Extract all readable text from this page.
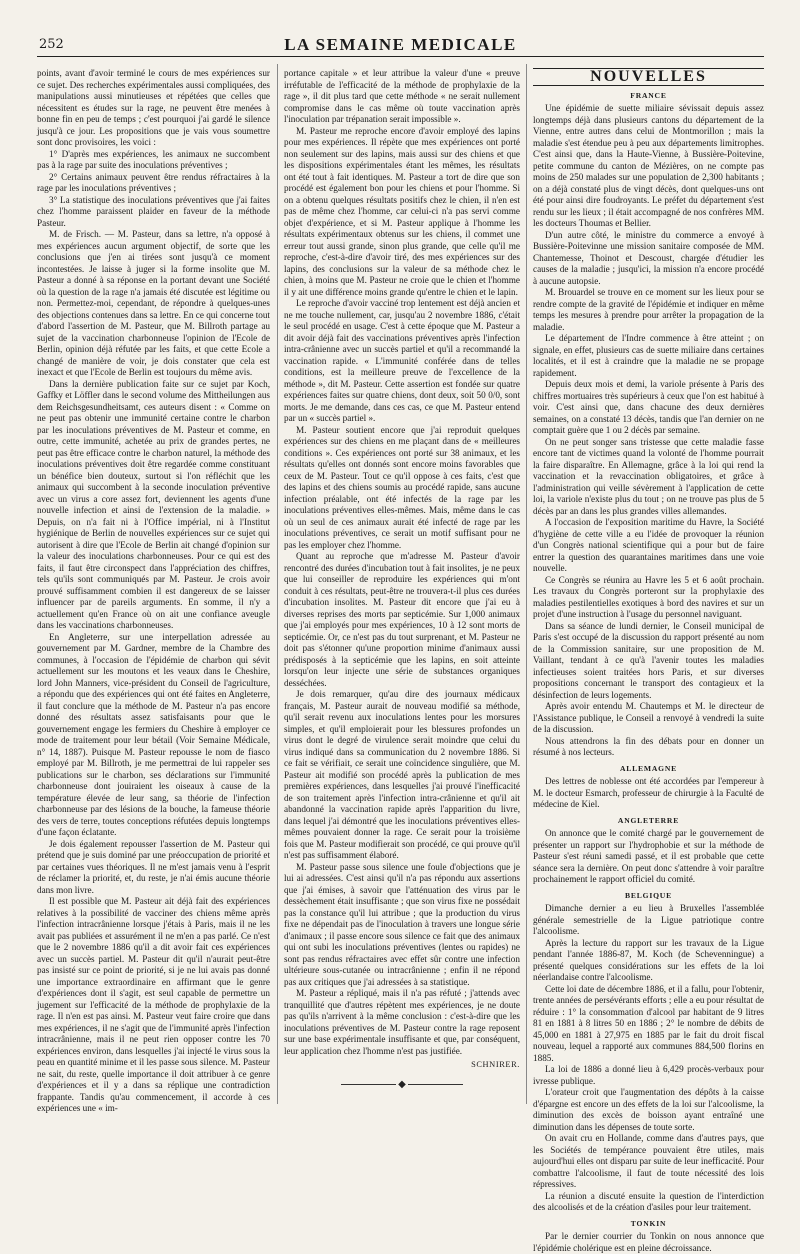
252	LA SEMAINE MEDICALE

points, avant d'avoir terminé le cours de mes expériences sur ce sujet. Des recherches expérimentales aussi compliquées, des manipulations aussi minutieuses et répétées que celles que nécessitent es études sur la rage, ne peuvent être menées à bonne fin en peu de temps ; c'est pourquoi j'ai gardé le silence jusqu'à ce jour. Les propositions que je vais vous soumettre sont donc provisoires, les voici :

1° D'après mes expériences, les animaux ne succombent pas à la rage par suite des inoculations préventives ;

2° Certains animaux peuvent être rendus réfractaires à la rage par les inoculations préventives ;

3° La statistique des inoculations préventives que j'ai faites chez l'homme paraissent plaider en faveur de la méthode Pasteur.

M. de Frisch. — M. Pasteur, dans sa lettre, n'a opposé à mes expériences aucun argument objectif, de sorte que les conclusions que j'en ai tirées sont jusqu'à ce moment incontestées. Je laisse à juger si la forme insolite que M. Pasteur a donné à sa réponse en la portant devant une Société où la question de la rage n'a jamais été discutée est légitime ou non. Permettez-moi, cependant, de répondre à quelques-unes des objections contenues dans sa lettre. En ce qui concerne tout d'abord l'assertion de M. Pasteur, que M. Billroth partage au sujet de la vaccination charbonneuse l'opinion de l'Ecole de Berlin, opinion déjà réfutée par les faits, et que cette Ecole a changé de manière de voir, je dois constater que cela est inexact et que l'Ecole de Berlin est toujours du même avis.

Dans la dernière publication faite sur ce sujet par Koch, Gaffky et Löffler dans le second volume des Mittheilungen aus dem Reichsgesundheitsamt, ces auteurs disent : « Comme on ne peut pas obtenir une immunité certaine contre le charbon par les inoculations préventives de M. Pasteur et comme, en outre, cette immunité, achetée au prix de grandes pertes, ne peut pas être efficace contre le charbon naturel, la méthode des inoculations préventives doit être regardée comme constituant un bénéfice bien douteux, surtout si l'on réfléchit que les animaux qui succombent à la seconde inoculation préventive avec un virus a core assez fort, deviennent les agents d'une nouvelle infection et ainsi de l'extension de la maladie. » Depuis, on n'a fait ni à l'Office impérial, ni à l'Institut hygiénique de Berlin de nouvelles expériences sur ce sujet qui autorisent à dire que l'Ecole de Berlin ait changé d'opinion sur la valeur des inoculations charbonneuses. Pour ce qui est des faits, il faut être circonspect dans l'appréciation des chiffres, tels qu'ils sont communiqués par M. Pasteur. Je crois avoir prouvé suffisamment combien il est dangereux de se laisser influencer par de pareils arguments. En somme, il n'y a actuellement qu'en France où on ait une confiance aveugle dans les vaccinations charbonneuses.

En Angleterre, sur une interpellation adressée au gouvernement par M. Gardner, membre de la Chambre des communes, à l'occasion de l'épidémie de charbon qui sévit actuellement sur les moutons et les veaux dans le Cheshire, lord John Manners, vice-président du Conseil de l'agriculture, a répondu que des expériences qui ont été faites en Angleterre, il faut conclure que la méthode de M. Pasteur n'a pas encore donné des résultats assez satisfaisants pour que le gouvernement engage les fermiers du Cheshire à employer ce mode de traitement pour leur bétail (Voir Semaine Médicale, n° 14, 1887). Puisque M. Pasteur repousse le nom de fiasco employé par M. Billroth, je me permettrai de lui rappeler ses publications sur le charbon, ses déclarations sur l'immunité charbonneuse dont jouiraient les oiseaux à cause de la température élevée de leur sang, sa théorie de l'infection charbonneuse par des lésions de la bouche, la fameuse théorie des vers de terre, toutes conceptions réfutées depuis longtemps d'une façon éclatante.

Je dois également repousser l'assertion de M. Pasteur qui prétend que je suis dominé par une préoccupation de priorité et par certaines vues théoriques. Il ne m'est jamais venu à l'esprit de réclamer la priorité, et, du reste, je n'ai émis aucune théorie dans mon livre.

Il est possible que M. Pasteur ait déjà fait des expériences relatives à la possibilité de vacciner des chiens même après l'infection intracrânienne lorsque j'étais à Paris, mais il ne les avait pas publiées et assurément il ne m'en a pas parlé. Ce n'est que le 2 novembre 1886 qu'il a dit avoir fait ces expériences avec un succès partiel. M. Pasteur dit qu'il n'aurait peut-être pas insisté sur ce point de priorité, si je ne lui avais pas donné une importance extraordinaire en affirmant que le genre d'expériences dont il s'agit, est seul capable de permettre un jugement sur l'efficacité de la méthode de prophylaxie de la rage. Il n'en est pas ainsi. M. Pasteur veut faire croire que dans mes expériences, il ne s'agit que de l'immunité après l'infection intracrânienne, mais il ne peut rien opposer contre les 70 expériences environ, dans lesquelles j'ai injecté le virus sous la peau en quantité minime et il les passe sous silence. M. Pasteur ne sait, du reste, quelle importance il doit attribuer à ce genre d'expériences et il y a dans sa réplique une contradiction frappante. Tandis qu'au commencement, il accorde à ces expériences une « im-

portance capitale » et leur attribue la valeur d'une « preuve irréfutable de l'efficacité de la méthode de prophylaxie de la rage », il dit plus tard que cette méthode « ne serait nullement compromise dans le cas même où toute vaccination après l'inoculation par trépanation serait impossible ».

M. Pasteur me reproche encore d'avoir employé des lapins pour mes expériences. Il répète que mes expériences ont porté non seulement sur des lapins, mais aussi sur des chiens et que les dispositions expérimentales étant les mêmes, les résultats ont été tout à fait identiques. M. Pasteur a tort de dire que son procédé est également bon pour les chiens et pour l'homme. Si on a obtenu quelques résultats positifs chez le chien, il n'en est pas de même chez l'homme, car celui-ci n'a pas servi comme objet d'expérience, et si M. Pasteur applique à l'homme les résultats expérimentaux obtenus sur les chiens, il commet une erreur tout aussi grande, sinon plus grande, que celle qu'il me reproche, c'est-à-dire d'avoir tiré, des mes expériences sur des lapins, des conclusions sur la valeur de sa méthode chez le chien, à moins que M. Pasteur ne croie que le chien et l'homme il y ait une différence moins grande qu'entre le chien et le lapin.

Le reproche d'avoir vacciné trop lentement est déjà ancien et ne me touche nullement, car, jusqu'au 2 novembre 1886, c'était le seul procédé en usage. C'est à cette époque que M. Pasteur a dit avoir déjà fait des vaccinations préventives après l'infection intra-crânienne avec un succès partiel et qu'il a recommandé la vaccination rapide. « L'immunité conférée dans de telles conditions, est la meilleure preuve de l'excellence de la méthode », dit M. Pasteur. Cette assertion est fondée sur quatre expériences faites sur quatre chiens, dont deux, soit 50 0/0, sont morts. Je me demande, dans ces cas, ce que M. Pasteur entend par un « succès partiel ».

M. Pasteur soutient encore que j'ai reproduit quelques expériences sur des chiens en me plaçant dans de « meilleures conditions ». Ces expériences ont porté sur 38 animaux, et les résultats qu'elles ont donnés sont encore moins favorables que ceux de M. Pasteur. Tout ce qu'il oppose à ces faits, c'est que des lapins et des chiens soumis au procédé rapide, sans aucune infection préalable, ont été infectés de la rage par les inoculations préventives elles-mêmes. Mais, même dans le cas où un seul de ces animaux aurait été infecté de rage par les inoculations préventives, ce serait un motif suffisant pour ne pas les employer chez l'homme.

Quant au reproche que m'adresse M. Pasteur d'avoir rencontré des durées d'incubation tout à fait insolites, je ne peux que lui conseiller de reproduire les expériences qui m'ont conduit à ces résultats, peut-être ne trouvera-t-il plus ces durées d'incubation insolites. M. Pasteur dit encore que j'ai eu à diverses reprises des morts par septicémie. Sur 1,000 animaux que j'ai employés pour mes expériences, 10 à 12 sont morts de septicémie. Or, ce n'est pas du tout surprenant, et M. Pasteur ne doit pas s'étonner qu'une proportion minime d'animaux aussi prédisposés à la septicémie que les lapins, en soit atteinte lorsqu'on leur injecte une série de substances organiques desséchées.

Je dois remarquer, qu'au dire des journaux médicaux français, M. Pasteur aurait de nouveau modifié sa méthode, qu'il serait revenu aux inoculations lentes pour les morsures simples, et qu'il emploierait pour les blessures profondes un virus dont le degré de virulence serait moindre que celui du virus indiqué dans sa communication du 2 novembre 1886. Si ce fait se vérifiait, ce serait une coïncidence singulière, que M. Pasteur ait modifié son procédé après la publication de mes premières expériences, dans lesquelles j'ai prouvé l'inefficacité de son traitement après l'infection intra-crânienne et qu'il ait abandonné la vaccination rapide après l'apparition du livre, dans lequel j'ai démontré que les inoculations préventives elles-mêmes pouvaient donner la rage. Ce serait pour la troisième fois que M. Pasteur modifierait son procédé, ce qui prouve qu'il n'est pas suffisamment élaboré.

M. Pasteur passe sous silence une foule d'objections que je lui ai adressées. C'est ainsi qu'il n'a pas répondu aux assertions que j'ai émises, à savoir que l'atténuation des virus par le dessèchement était insuffisante ; que son virus fixe ne possédait pas la constance qu'il lui attribue ; que la production du virus fixe ne dépendait pas de l'inoculation à travers une longue série d'animaux ; il passe encore sous silence ce fait que des animaux qui ont subi les inoculations préventives (lentes ou rapides) ne sont pas rendus réfractaires avec effet sûr contre une infection ultérieure sous-cutanée ou intracrânienne ; enfin il ne répond pas aux critiques que j'ai adressées à sa statistique.

M. Pasteur a répliqué, mais il n'a pas réfuté ; j'attends avec tranquillité que d'autres répètent mes expériences, je ne doute pas qu'ils n'arrivent à la même conclusion : c'est-à-dire que les inoculations préventives de M. Pasteur contre la rage reposent sur une base expérimentale insuffisante et que, par conséquent, leur application chez l'homme n'est pas justifiée.

SCHNIRER.
◆
NOUVELLES
FRANCE

Une épidémie de suette miliaire sévissait depuis assez longtemps déjà dans plusieurs cantons du département de la Vienne, entre autres dans celui de Montmorillon ; mais la maladie s'est étendue peu à peu aux départements limitrophes. C'est ainsi que, dans la Haute-Vienne, à Bussière-Poitevine, petite commune du canton de Mézières, on ne compte pas moins de 250 malades sur une population de 2,300 habitants ; on a déjà constaté plus de vingt décès, dont quelques-uns ont été pour ainsi dire foudroyants. Le préfet du département s'est rendu sur les lieux ; il était accompagné de nos confrères MM. les docteurs Thoumas et Bellier.

D'un autre côté, le ministre du commerce a envoyé à Bussière-Poitevinne une mission sanitaire composée de MM. Chantemesse, Thoinot et Descoust, chargée d'étudier les causes de la maladie ; jusqu'ici, la mission n'a encore procédé à aucune autopsie.

M. Brouardel se trouve en ce moment sur les lieux pour se rendre compte de la gravité de l'épidémie et indiquer en même temps les mesures à prendre pour arrêter la propagation de la maladie.

Le département de l'Indre commence à être atteint ; on signale, en effet, plusieurs cas de suette miliaire dans certaines localités, et il est à craindre que la maladie ne se propage rapidement.

Depuis deux mois et demi, la variole présente à Paris des chiffres mortuaires très supérieurs à ceux que l'on est habitué à voir. C'est ainsi que, dans chacune des deux dernières semaines, on a constaté 13 décès, tandis que l'an dernier on ne comptait guère que 1 ou 2 décès par semaine.

On ne peut songer sans tristesse que cette maladie fasse encore tant de victimes quand la volonté de l'homme pourrait la faire disparaître. En Allemagne, grâce à la loi qui rend la vaccination et la revaccination obligatoires, et grâce à l'administration qui veille sévèrement à l'application de cette loi, la variole n'existe plus du tout ; on ne trouve pas plus de 5 décès par an dans les plus grandes villes allemandes.

A l'occasion de l'exposition maritime du Havre, la Société d'hygiène de cette ville a eu l'idée de provoquer la réunion d'un Congrès national scientifique qui a pour but de faire entrer la question des quarantaines maritimes dans une voie nouvelle.

Ce Congrès se réunira au Havre les 5 et 6 août prochain. Les travaux du Congrès porteront sur la prophylaxie des maladies pestilentielles exotiques à bord des navires et sur un projet d'une instruction à l'usage du personnel naviguant.

Dans sa séance de lundi dernier, le Conseil municipal de Paris s'est occupé de la discussion du rapport présenté au nom de la Commission sanitaire, sur une proposition de M. Vaillant, tendant à ce qu'à l'avenir toutes les maladies infectieuses soient traitées hors Paris, et sur diverses propositions concernant le transport des contagieux et la désinfection de leurs logements.

Après avoir entendu M. Chautemps et M. le directeur de l'Assistance publique, le Conseil a renvoyé à vendredi la suite de la discussion.

Nous attendrons la fin des débats pour en donner un résumé à nos lecteurs.

ALLEMAGNE

Des lettres de noblesse ont été accordées par l'empereur à M. le docteur Esmarch, professeur de chirurgie à la Faculté de médecine de Kiel.

ANGLETERRE

On annonce que le comité chargé par le gouvernement de présenter un rapport sur l'hydrophobie et sur la méthode de Pasteur s'est réuni samedi passé, et il est probable que cette séance sera la dernière. On peut donc s'attendre à voir paraître prochainement le rapport officiel du comité.

BELGIQUE

Dimanche dernier a eu lieu à Bruxelles l'assemblée générale semestrielle de la Ligue patriotique contre l'alcoolisme.

Après la lecture du rapport sur les travaux de la Ligue pendant l'année 1886-87, M. Koch (de Schevenningue) a présenté quelques considérations sur les effets de la loi néerlandaise contre l'alcoolisme.

Cette loi date de décembre 1886, et il a fallu, pour l'obtenir, trente années de persévérants efforts ; elle a eu pour résultat de réduire : 1° la consommation d'alcool par habitant de 9 litres 81 en 1881 à 8 litres 50 en 1886 ; 2° le nombre de débits de 45,000 en 1881 à 27,975 en 1885 par le fait du droit fiscal nouveau, lequel a rapporté aux communes 884,500 florins en 1885.

La loi de 1886 a donné lieu à 6,429 procès-verbaux pour ivresse publique.

L'orateur croit que l'augmentation des dépôts à la caisse d'épargne est encore un des effets de la loi sur l'alcoolisme, la diminution des excès de boisson ayant entraîné une diminution dans les dépenses de toute sorte.

On avait cru en Hollande, comme dans d'autres pays, que les Sociétés de tempérance pouvaient être utiles, mais aujourd'hui elles ont disparu par suite de leur inefficacité. Pour combattre l'alcoolisme, il faut de toute nécessité des lois répressives.

La réunion a discuté ensuite la question de l'interdiction des alcoolisés et de la création d'asiles pour leur traitement.

TONKIN

Par le dernier courrier du Tonkin on nous annonce que l'épidémie cholérique est en pleine décroissance.
